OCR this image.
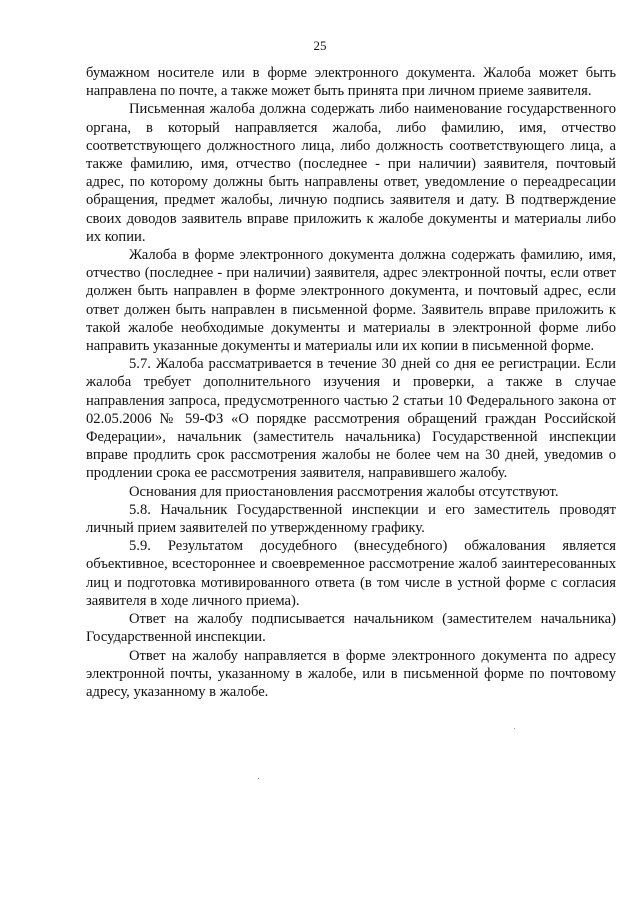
25

бумажном носителе или в форме электронного документа. Жалоба может быть направлена по почте, а также может быть принята при личном приеме заявителя.

Письменная жалоба должна содержать либо наименование государственного органа, в который направляется жалоба, либо фамилию, имя, отчество соответствующего должностного лица, либо должность соответствующего лица, а также фамилию, имя, отчество (последнее - при наличии) заявителя, почтовый адрес, по которому должны быть направлены ответ, уведомление о переадресации обращения, предмет жалобы, личную подпись заявителя и дату. В подтверждение своих доводов заявитель вправе приложить к жалобе документы и материалы либо их копии.

Жалоба в форме электронного документа должна содержать фамилию, имя, отчество (последнее - при наличии) заявителя, адрес электронной почты, если ответ должен быть направлен в форме электронного документа, и почтовый адрес, если ответ должен быть направлен в письменной форме. Заявитель вправе приложить к такой жалобе необходимые документы и материалы в электронной форме либо направить указанные документы и материалы или их копии в письменной форме.

5.7. Жалоба рассматривается в течение 30 дней со дня ее регистрации. Если жалоба требует дополнительного изучения и проверки, а также в случае направления запроса, предусмотренного частью 2 статьи 10 Федерального закона от 02.05.2006 № 59-ФЗ «О порядке рассмотрения обращений граждан Российской Федерации», начальник (заместитель начальника) Государственной инспекции вправе продлить срок рассмотрения жалобы не более чем на 30 дней, уведомив о продлении срока ее рассмотрения заявителя, направившего жалобу.

Основания для приостановления рассмотрения жалобы отсутствуют.

5.8. Начальник Государственной инспекции и его заместитель проводят личный прием заявителей по утвержденному графику.

5.9. Результатом досудебного (внесудебного) обжалования является объективное, всестороннее и своевременное рассмотрение жалоб заинтересованных лиц и подготовка мотивированного ответа (в том числе в устной форме с согласия заявителя в ходе личного приема).

Ответ на жалобу подписывается начальником (заместителем начальника) Государственной инспекции.

Ответ на жалобу направляется в форме электронного документа по адресу электронной почты, указанному в жалобе, или в письменной форме по почтовому адресу, указанному в жалобе.
